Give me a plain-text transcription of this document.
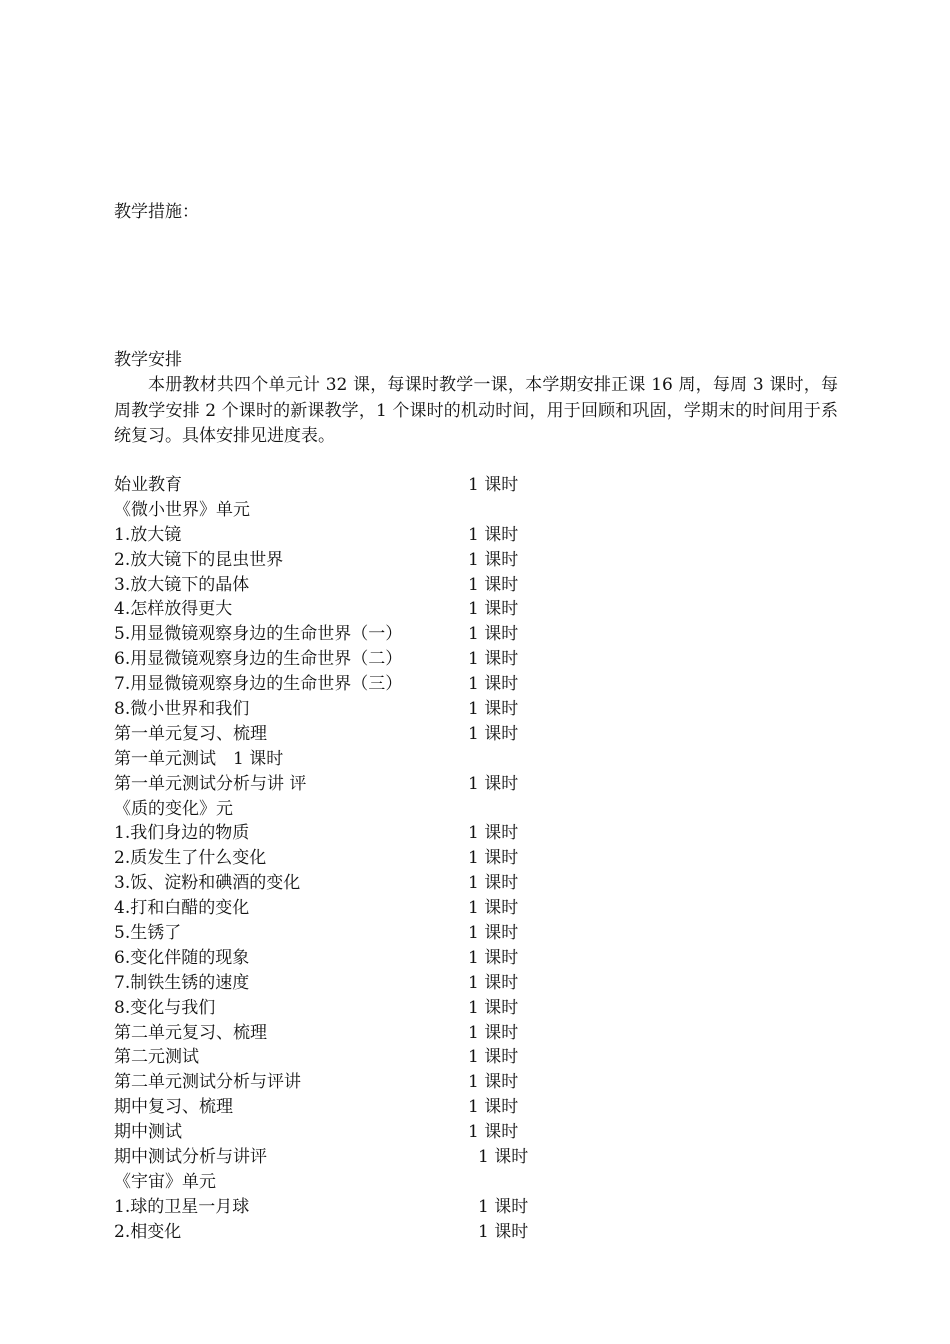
教学措施：
教学安排

本册教材共四个单元计 32 课，每课时教学一课，本学期安排正课 16 周，每周 3 课时，每周教学安排 2 个课时的新课教学，1 个课时的机动时间，用于回顾和巩固，学期末的时间用于系统复习。具体安排见进度表。

始业教育	1 课时
《微小世界》单元
1.放大镜	1 课时
2.放大镜下的昆虫世界	1 课时
3.放大镜下的晶体	1 课时
4.怎样放得更大	1 课时
5.用显微镜观察身边的生命世界（一）	1 课时
6.用显微镜观察身边的生命世界（二）	1 课时
7.用显微镜观察身边的生命世界（三）	1 课时
8.微小世界和我们	1 课时
第一单元复习、梳理	1 课时
第一单元测试　1 课时
第一单元测试分析与讲 评	1 课时
《质的变化》元
1.我们身边的物质	1 课时
2.质发生了什么变化	1 课时
3.饭、淀粉和碘酒的变化	1 课时
4.打和白醋的变化	1 课时
5.生锈了	1 课时
6.变化伴随的现象	1 课时
7.制铁生锈的速度	1 课时
8.变化与我们	1 课时
第二单元复习、梳理	1 课时
第二元测试	1 课时
第二单元测试分析与评讲	1 课时
期中复习、梳理	1 课时
期中测试	1 课时
期中测试分析与讲评	1 课时
《宇宙》单元
1.球的卫星一月球	1 课时
2.相变化	1 课时
